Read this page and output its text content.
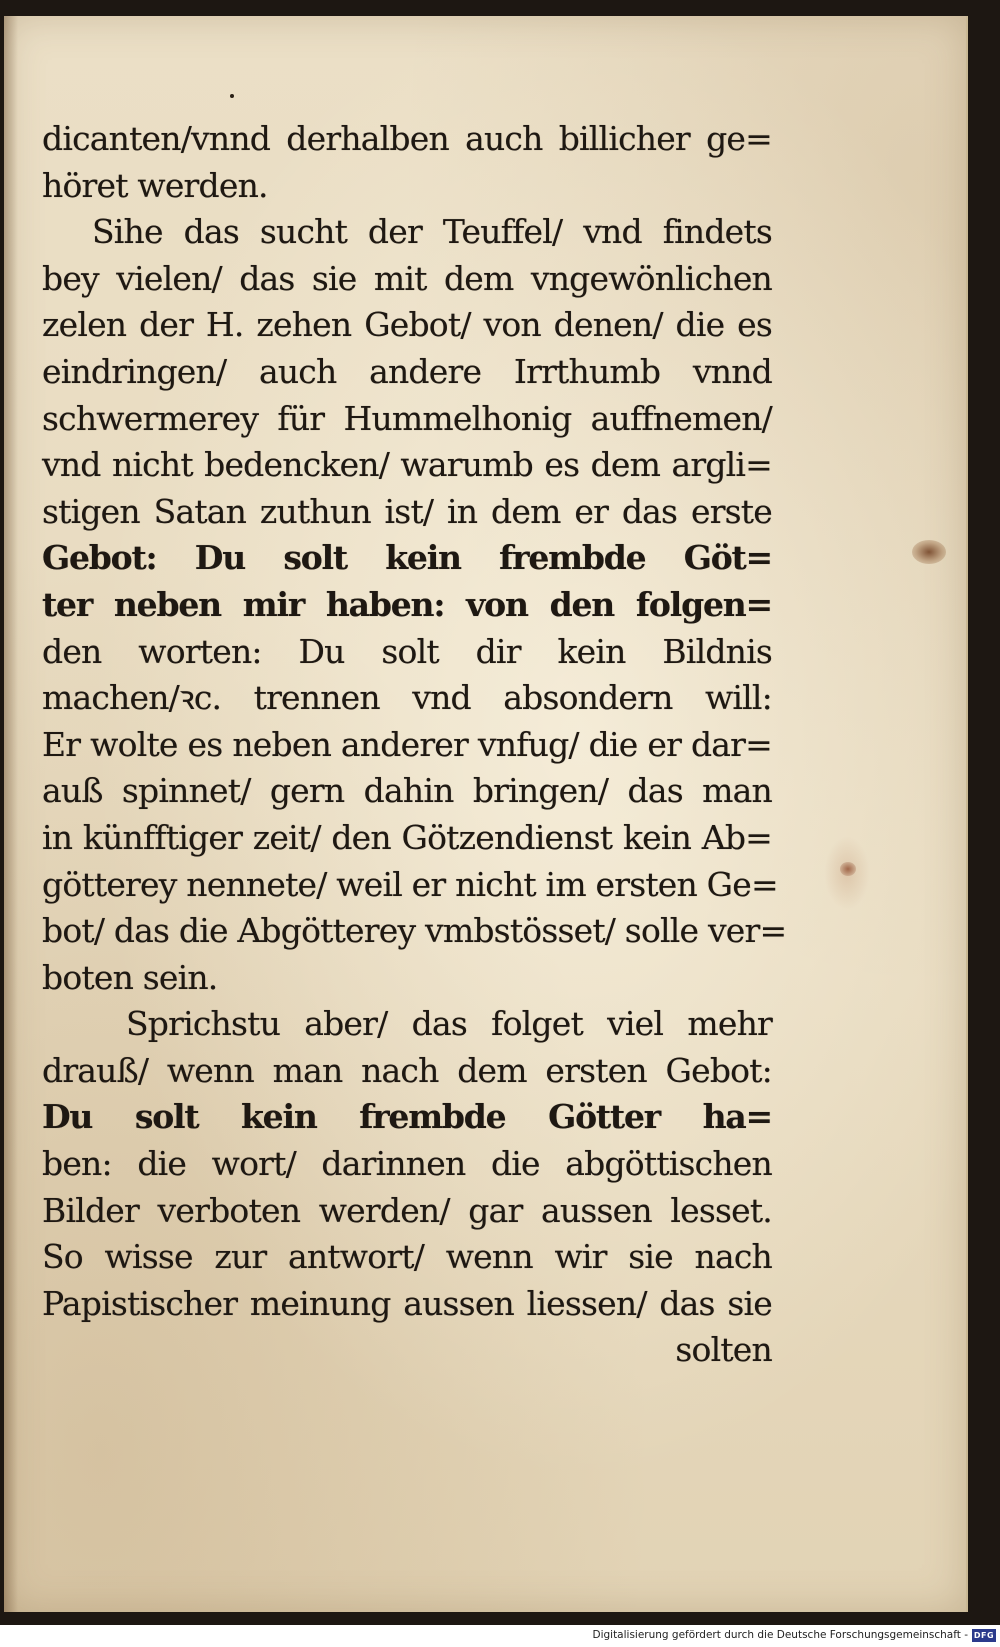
dicanten/vnnd derhalben auch billicher ge=
höret werden.
Sihe das sucht der Teuffel/ vnd findets
bey vielen/ das sie mit dem vngewönlichen
zelen der H. zehen Gebot/ von denen/ die es
eindringen/ auch andere Irrthumb vnnd
schwermerey für Hummelhonig auffnemen/
vnd nicht bedencken/ warumb es dem argli=
stigen Satan zuthun ist/ in dem er das erste
Gebot: Du solt kein frembde Göt=
ter neben mir haben: von den folgen=
den worten: Du solt dir kein Bildnis
machen/ꝛc. trennen vnd absondern will:
Er wolte es neben anderer vnfug/ die er dar=
auß spinnet/ gern dahin bringen/ das man
in künfftiger zeit/ den Götzendienst kein Ab=
götterey nennete/ weil er nicht im ersten Ge=
bot/ das die Abgötterey vmbstösset/ solle ver=
boten sein.
Sprichstu aber/ das folget viel mehr
drauß/ wenn man nach dem ersten Gebot:
Du solt kein frembde Götter ha=
ben: die wort/ darinnen die abgöttischen
Bilder verboten werden/ gar aussen lesset.
So wisse zur antwort/ wenn wir sie nach
Papistischer meinung aussen liessen/ das sie
solten
Digitalisierung gefördert durch die Deutsche Forschungsgemeinschaft - DFG
